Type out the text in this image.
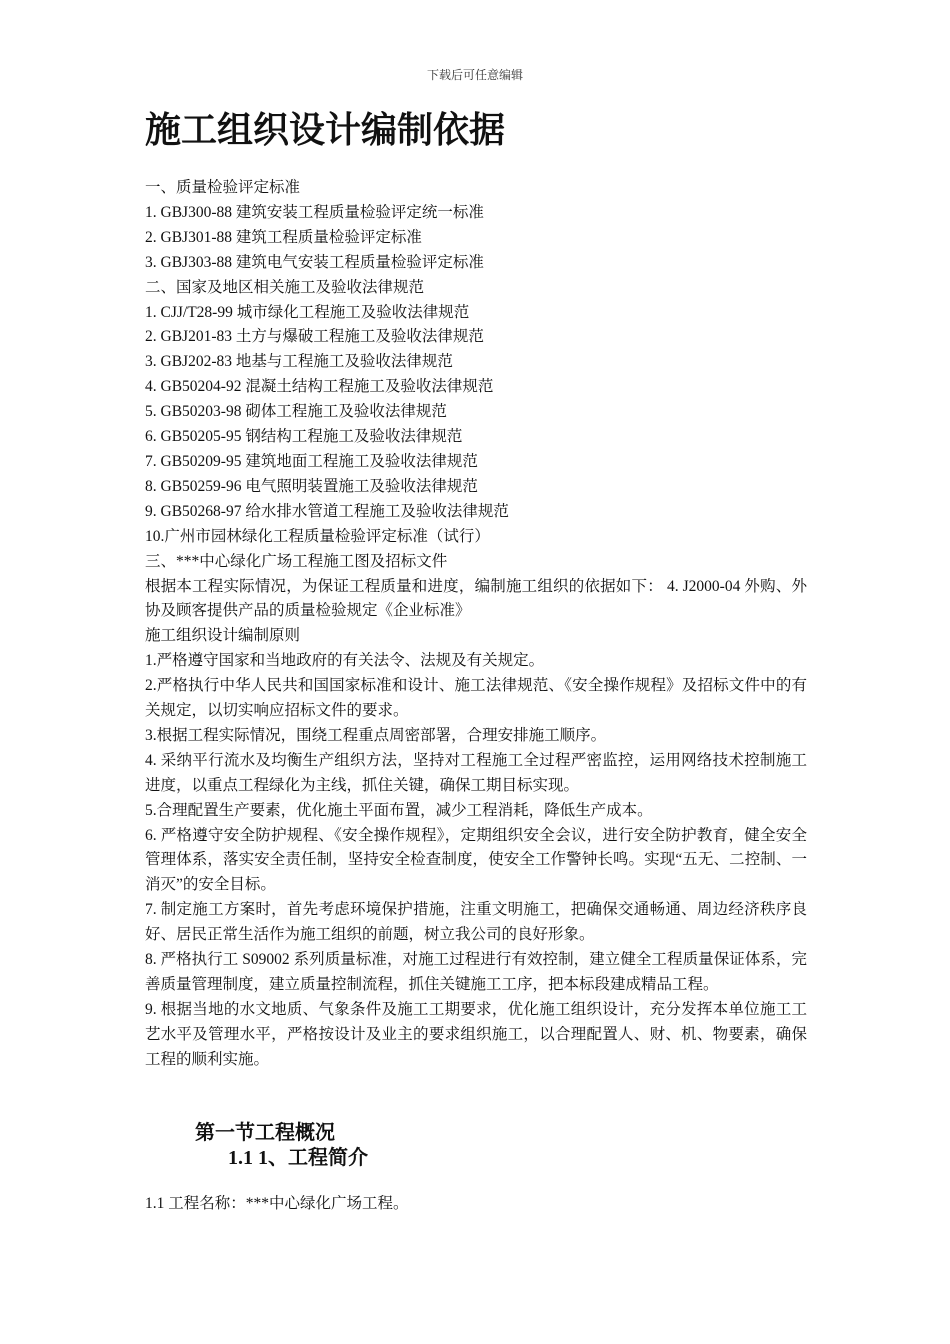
下载后可任意编辑
施工组织设计编制依据

一、质量检验评定标准

1. GBJ300-88 建筑安装工程质量检验评定统一标准

2. GBJ301-88 建筑工程质量检验评定标准

3. GBJ303-88 建筑电气安装工程质量检验评定标准

二、国家及地区相关施工及验收法律规范

1. CJJ/T28-99 城市绿化工程施工及验收法律规范

2. GBJ201-83 土方与爆破工程施工及验收法律规范

3. GBJ202-83 地基与工程施工及验收法律规范

4. GB50204-92 混凝土结构工程施工及验收法律规范

5. GB50203-98 砌体工程施工及验收法律规范

6. GB50205-95 钢结构工程施工及验收法律规范

7. GB50209-95 建筑地面工程施工及验收法律规范

8. GB50259-96 电气照明装置施工及验收法律规范

9. GB50268-97 给水排水管道工程施工及验收法律规范

10.广州市园林绿化工程质量检验评定标准（试行）

三、***中心绿化广场工程施工图及招标文件

根据本工程实际情况，为保证工程质量和进度，编制施工组织的依据如下： 4. J2000-04 外购、外协及顾客提供产品的质量检验规定《企业标准》

施工组织设计编制原则

1.严格遵守国家和当地政府的有关法令、法规及有关规定。

2.严格执行中华人民共和国国家标准和设计、施工法律规范、《安全操作规程》及招标文件中的有关规定，以切实响应招标文件的要求。

3.根据工程实际情况，围绕工程重点周密部署，合理安排施工顺序。

4. 采纳平行流水及均衡生产组织方法，坚持对工程施工全过程严密监控，运用网络技术控制施工进度，以重点工程绿化为主线，抓住关键，确保工期目标实现。

5.合理配置生产要素，优化施土平面布置，减少工程消耗，降低生产成本。

6. 严格遵守安全防护规程、《安全操作规程》，定期组织安全会议，进行安全防护教育，健全安全管理体系，落实安全责任制，坚持安全检查制度，使安全工作警钟长鸣。实现“五无、二控制、一消灭”的安全目标。

7. 制定施工方案时，首先考虑环境保护措施，注重文明施工，把确保交通畅通、周边经济秩序良好、居民正常生活作为施工组织的前题，树立我公司的良好形象。

8. 严格执行工 S09002 系列质量标准，对施工过程进行有效控制，建立健全工程质量保证体系，完善质量管理制度，建立质量控制流程，抓住关键施工工序，把本标段建成精品工程。

9. 根据当地的水文地质、气象条件及施工工期要求，优化施工组织设计，充分发挥本单位施工工艺水平及管理水平，严格按设计及业主的要求组织施工，以合理配置人、财、机、物要素，确保工程的顺利实施。

第一节工程概况
1.1 1、工程简介

1.1 工程名称：***中心绿化广场工程。
